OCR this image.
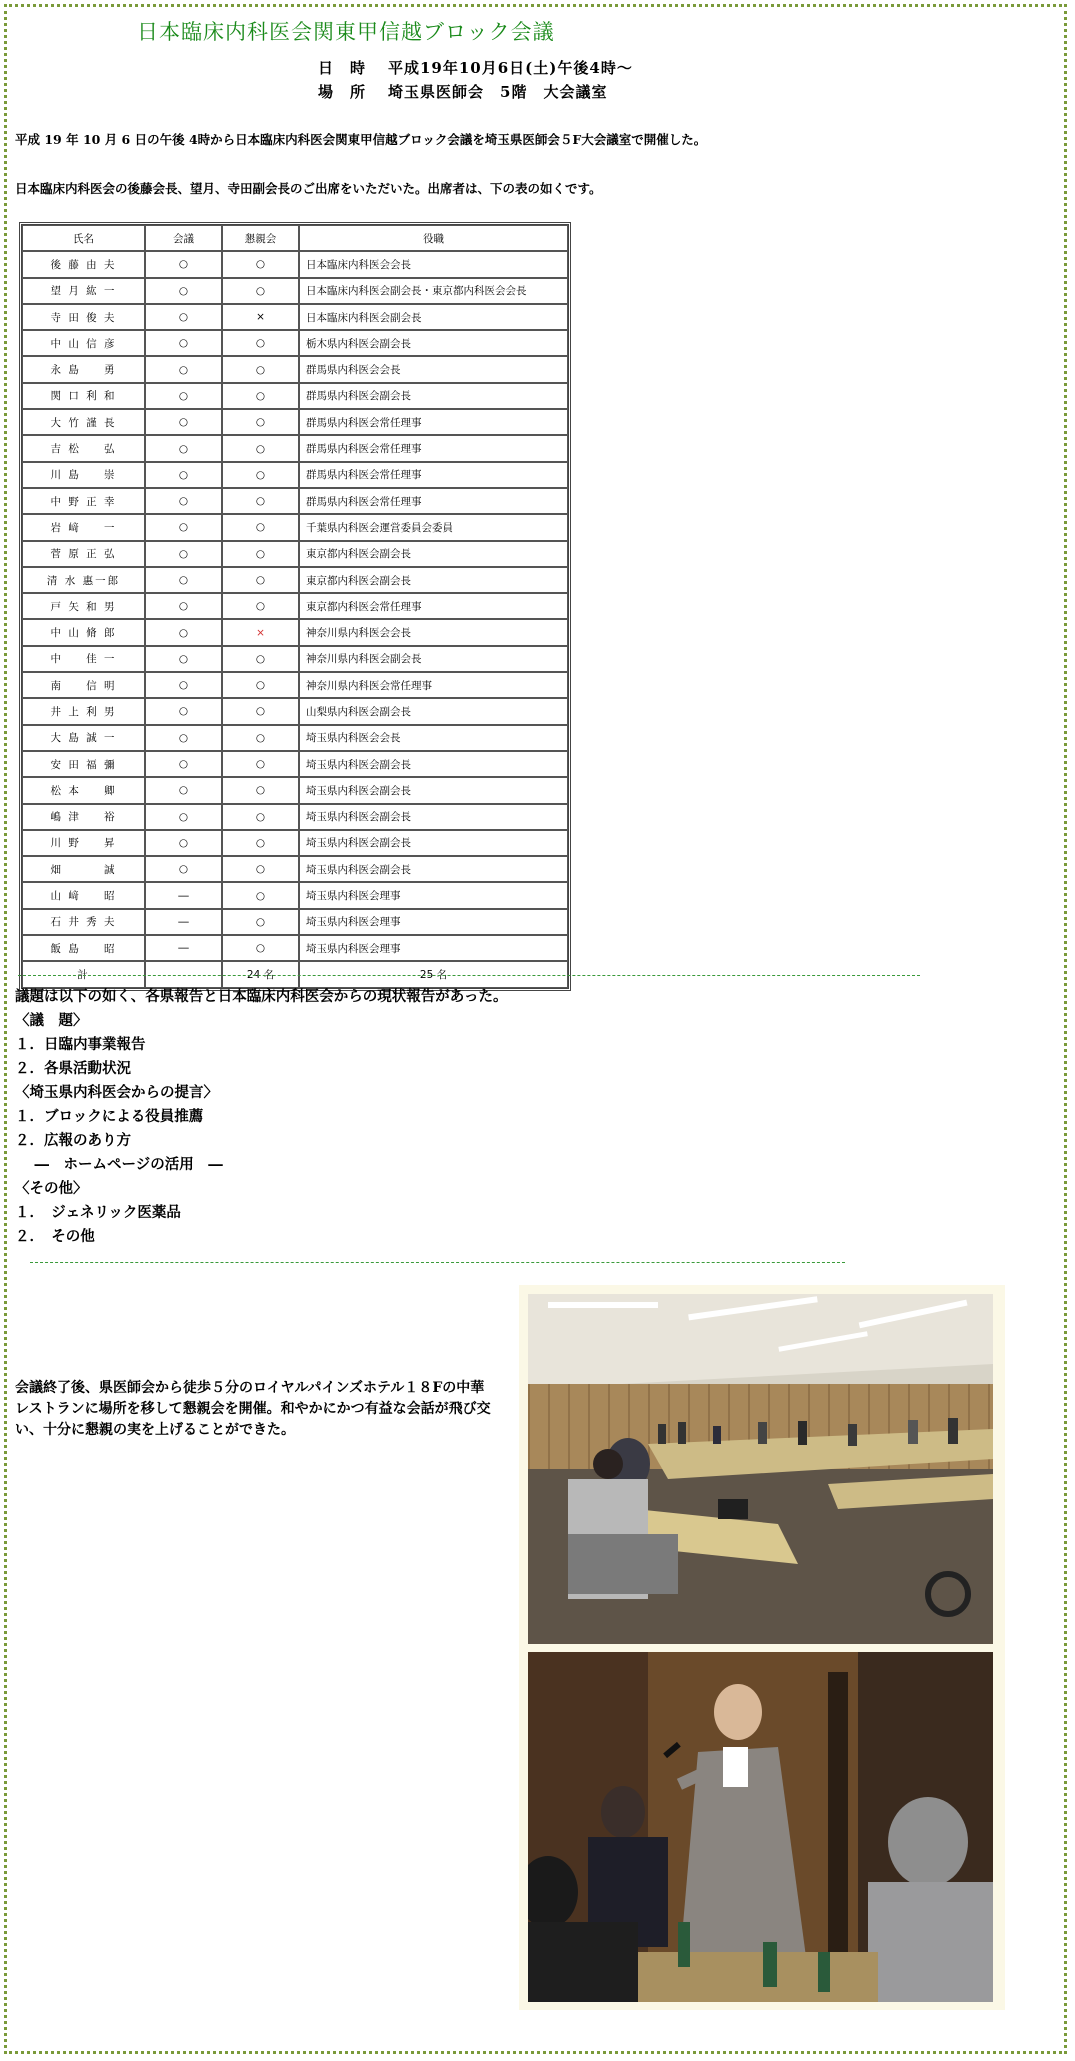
日本臨床内科医会関東甲信越ブロック会議
日　時 平成19年10月6日(土)午後4時～
場　所 埼玉県医師会　5階　大会議室
平成 19 年 10 月 6 日の午後 4時から日本臨床内科医会関東甲信越ブロック会議を埼玉県医師会５F大会議室で開催した。
日本臨床内科医会の後藤会長、望月、寺田副会長のご出席をいただいた。出席者は、下の表の如くです。
氏名	会議	懇親会	役職
後 藤 由 夫	○	○	日本臨床内科医会会長
望 月 紘 一	○	○	日本臨床内科医会副会長・東京都内科医会会長
寺 田 俊 夫	○	×	日本臨床内科医会副会長
中 山 信 彦	○	○	栃木県内科医会副会長
永 島 　 勇	○	○	群馬県内科医会会長
関 口 利 和	○	○	群馬県内科医会副会長
大 竹 謹 長	○	○	群馬県内科医会常任理事
吉 松 　 弘	○	○	群馬県内科医会常任理事
川 島 　 崇	○	○	群馬県内科医会常任理事
中 野 正 幸	○	○	群馬県内科医会常任理事
岩 﨑 　 一	○	○	千葉県内科医会運営委員会委員
菅 原 正 弘	○	○	東京都内科医会副会長
清 水 惠一郎	○	○	東京都内科医会副会長
戸 矢 和 男	○	○	東京都内科医会常任理事
中 山 脩 郎	○	×	神奈川県内科医会会長
中 　 佳 一	○	○	神奈川県内科医会副会長
南 　 信 明	○	○	神奈川県内科医会常任理事
井 上 利 男	○	○	山梨県内科医会副会長
大 島 誠 一	○	○	埼玉県内科医会会長
安 田 福 彌	○	○	埼玉県内科医会副会長
松 本 　 卿	○	○	埼玉県内科医会副会長
嶋 津 　 裕	○	○	埼玉県内科医会副会長
川 野 　 昇	○	○	埼玉県内科医会副会長
畑 　 　 誠	○	○	埼玉県内科医会副会長
山 﨑 　 昭	―	○	埼玉県内科医会理事
石 井 秀 夫	―	○	埼玉県内科医会理事
飯 島 　 昭	―	○	埼玉県内科医会理事
計		24 名	25 名
議題は以下の如く、各県報告と日本臨床内科医会からの現状報告があった。
〈議　題〉
１．日臨内事業報告
２．各県活動状況
〈埼玉県内科医会からの提言〉
１．ブロックによる役員推薦
２．広報のあり方
　 ―　ホームページの活用　―
〈その他〉
１．　ジェネリック医薬品
２．　その他
会議終了後、県医師会から徒歩５分のロイヤルパインズホテル１８Fの中華レストランに場所を移して懇親会を開催。和やかにかつ有益な会話が飛び交い、十分に懇親の実を上げることができた。
